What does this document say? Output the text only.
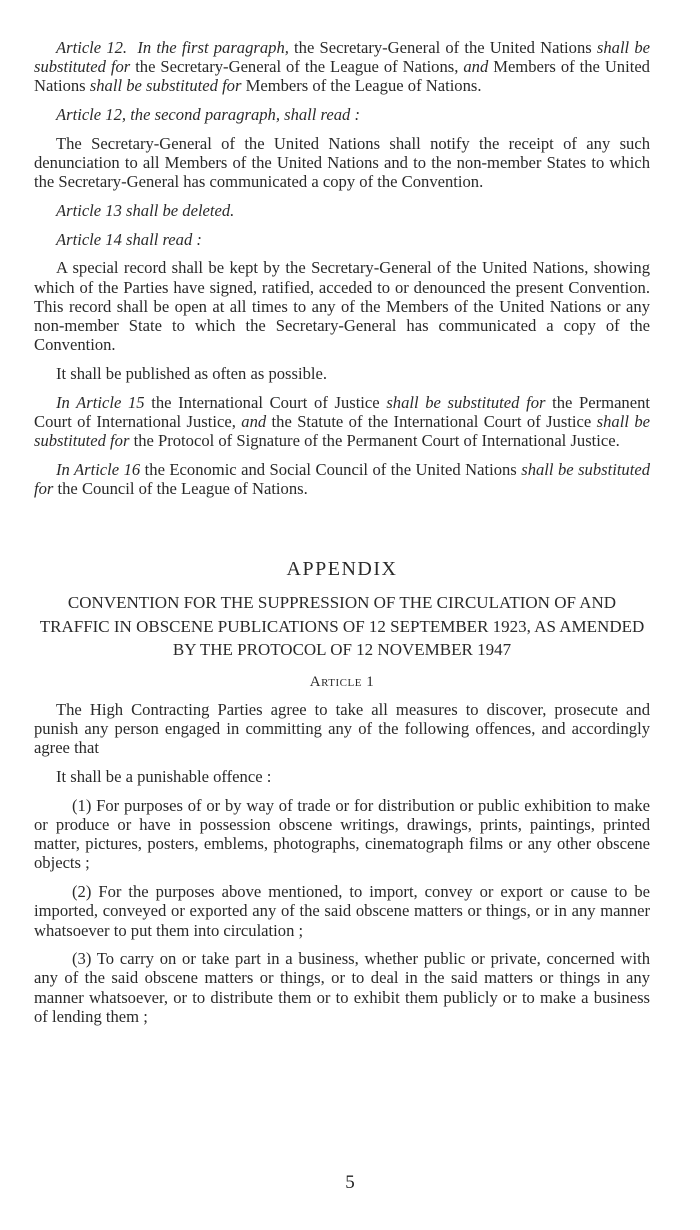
Article 12. In the first paragraph, the Secretary-General of the United Nations shall be substituted for the Secretary-General of the League of Nations, and Members of the United Nations shall be substituted for Members of the League of Nations.

Article 12, the second paragraph, shall read :

The Secretary-General of the United Nations shall notify the receipt of any such denunciation to all Members of the United Nations and to the non-member States to which the Secretary-General has communicated a copy of the Convention.

Article 13 shall be deleted.
Article 14 shall read :

A special record shall be kept by the Secretary-General of the United Nations, showing which of the Parties have signed, ratified, acceded to or denounced the present Convention. This record shall be open at all times to any of the Members of the United Nations or any non-member State to which the Secretary-General has communicated a copy of the Convention.

It shall be published as often as possible.

In Article 15 the International Court of Justice shall be substituted for the Permanent Court of International Justice, and the Statute of the International Court of Justice shall be substituted for the Protocol of Signature of the Permanent Court of International Justice.

In Article 16 the Economic and Social Council of the United Nations shall be substituted for the Council of the League of Nations.

APPENDIX
CONVENTION FOR THE SUPPRESSION OF THE CIRCULATION OF AND TRAFFIC IN OBSCENE PUBLICATIONS OF 12 SEPTEMBER 1923, AS AMENDED BY THE PROTOCOL OF 12 NOVEMBER 1947
Article 1

The High Contracting Parties agree to take all measures to discover, prosecute and punish any person engaged in committing any of the following offences, and accordingly agree that

It shall be a punishable offence :

(1) For purposes of or by way of trade or for distribution or public exhibition to make or produce or have in possession obscene writings, drawings, prints, paintings, printed matter, pictures, posters, emblems, photographs, cinematograph films or any other obscene objects ;

(2) For the purposes above mentioned, to import, convey or export or cause to be imported, conveyed or exported any of the said obscene matters or things, or in any manner whatsoever to put them into circulation ;

(3) To carry on or take part in a business, whether public or private, concerned with any of the said obscene matters or things, or to deal in the said matters or things in any manner whatsoever, or to distribute them or to exhibit them publicly or to make a business of lending them ;

5
